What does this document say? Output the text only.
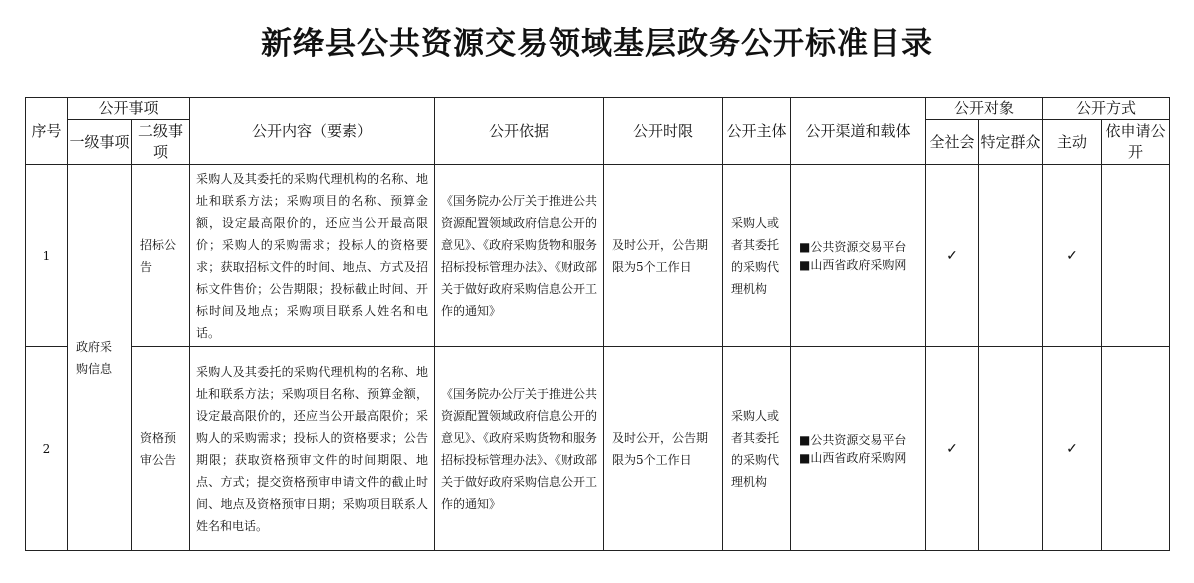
新绛县公共资源交易领域基层政务公开标准目录
序号	公开事项		公开内容（要素）	公开依据	公开时限	公开主体	公开渠道和载体	公开对象		公开方式	
	一级事项	二级事项						全社会	特定群众	主动	依申请公开
1	政府采购信息	招标公告	采购人及其委托的采购代理机构的名称、地址和联系方法；采购项目的名称、预算金额，设定最高限价的，还应当公开最高限价；采购人的采购需求；投标人的资格要求；获取招标文件的时间、地点、方式及招标文件售价；公告期限；投标截止时间、开标时间及地点；采购项目联系人姓名和电话。	《国务院办公厅关于推进公共资源配置领域政府信息公开的意见》、《政府采购货物和服务招标投标管理办法》、《财政部关于做好政府采购信息公开工作的通知》	及时公开，公告期限为5个工作日	采购人或者其委托的采购代理机构	■公共资源交易平台
■山西省政府采购网	✓		✓	
2		资格预审公告	采购人及其委托的采购代理机构的名称、地址和联系方法；采购项目名称、预算金额，设定最高限价的，还应当公开最高限价；采购人的采购需求；投标人的资格要求；公告期限；获取资格预审文件的时间期限、地点、方式；提交资格预审申请文件的截止时间、地点及资格预审日期；采购项目联系人姓名和电话。	《国务院办公厅关于推进公共资源配置领域政府信息公开的意见》、《政府采购货物和服务招标投标管理办法》、《财政部关于做好政府采购信息公开工作的通知》	及时公开，公告期限为5个工作日	采购人或者其委托的采购代理机构	■公共资源交易平台
■山西省政府采购网	✓		✓	
